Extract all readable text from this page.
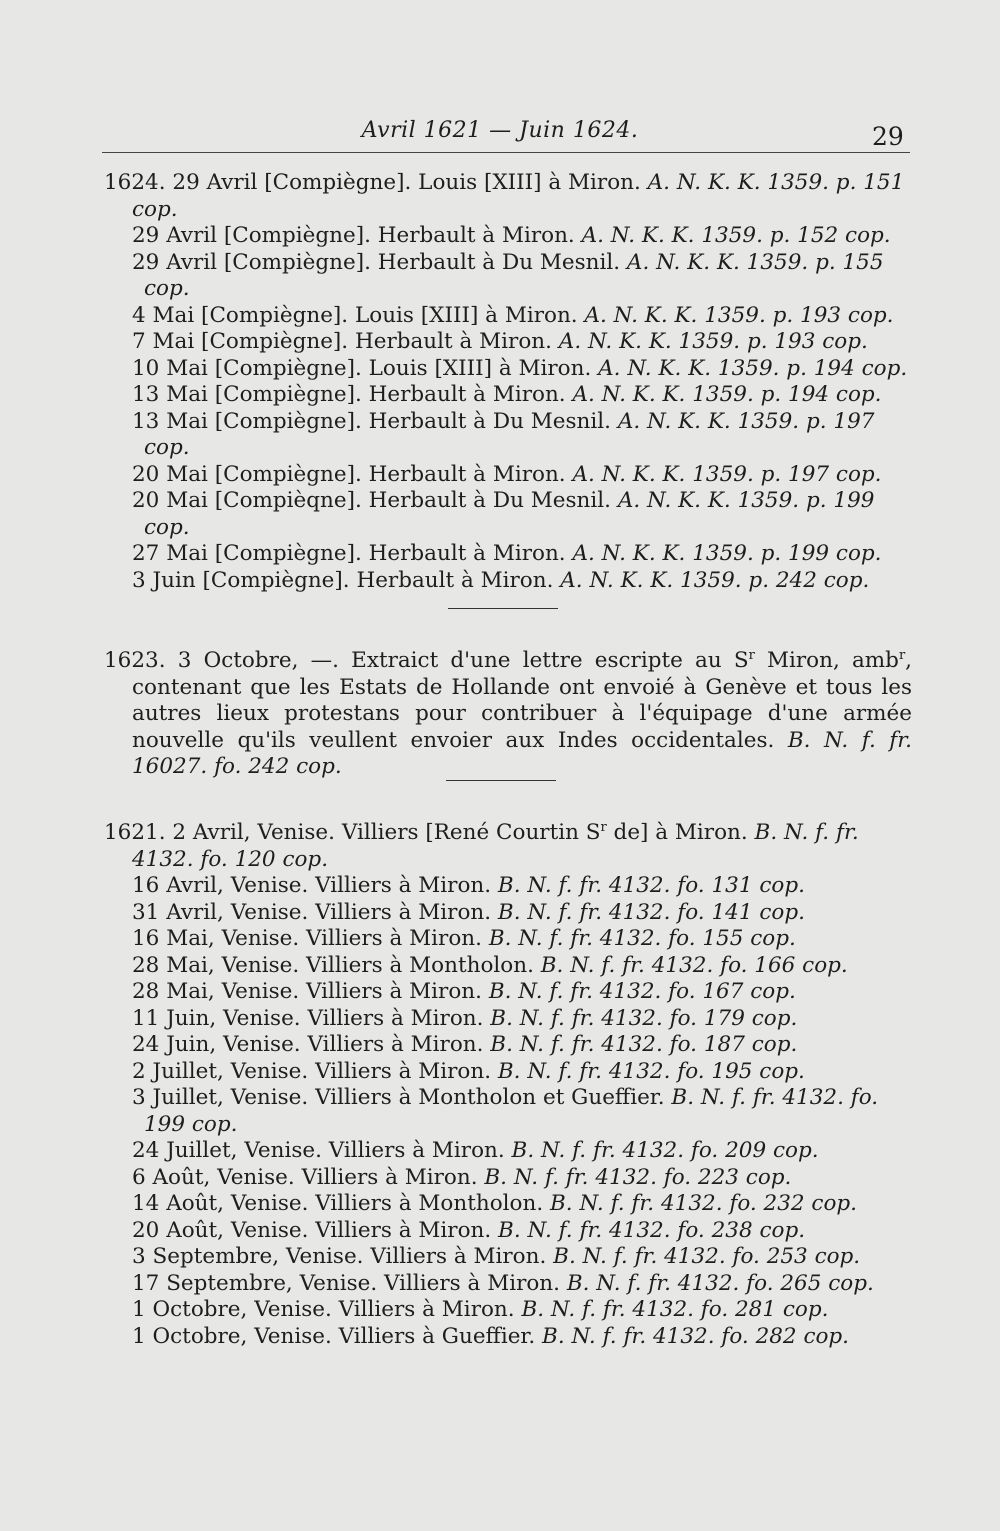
Avril 1621 — Juin 1624.	29
1624. 29 Avril [Compiègne]. Louis [XIII] à Miron. A. N. K. K. 1359. p. 151 cop.
29 Avril [Compiègne]. Herbault à Miron. A. N. K. K. 1359. p. 152 cop.
29 Avril [Compiègne]. Herbault à Du Mesnil. A. N. K. K. 1359. p. 155 cop.
4 Mai [Compiègne]. Louis [XIII] à Miron. A. N. K. K. 1359. p. 193 cop.
7 Mai [Compiègne]. Herbault à Miron. A. N. K. K. 1359. p. 193 cop.
10 Mai [Compiègne]. Louis [XIII] à Miron. A. N. K. K. 1359. p. 194 cop.
13 Mai [Compiègne]. Herbault à Miron. A. N. K. K. 1359. p. 194 cop.
13 Mai [Compiègne]. Herbault à Du Mesnil. A. N. K. K. 1359. p. 197 cop.
20 Mai [Compiègne]. Herbault à Miron. A. N. K. K. 1359. p. 197 cop.
20 Mai [Compièqne]. Herbault à Du Mesnil. A. N. K. K. 1359. p. 199 cop.
27 Mai [Compiègne]. Herbault à Miron. A. N. K. K. 1359. p. 199 cop.
3 Juin [Compiègne]. Herbault à Miron. A. N. K. K. 1359. p. 242 cop.
1623. 3 Octobre, —. Extraict d'une lettre escripte au $S^r$ Miron, amb$^r$, contenant que les Estats de Hollande ont envoié à Genève et tous les autres lieux protestans pour contribuer à l'équipage d'une armée nouvelle qu'ils veullent envoier aux Indes occidentales. B. N. f. fr. 16027. fo. 242 cop.
1621. 2 Avril, Venise. Villiers [René Courtin $S^r$ de] à Miron. B. N. f. fr. 4132. fo. 120 cop.
16 Avril, Venise. Villiers à Miron. B. N. f. fr. 4132. fo. 131 cop.
31 Avril, Venise. Villiers à Miron. B. N. f. fr. 4132. fo. 141 cop.
16 Mai, Venise. Villiers à Miron. B. N. f. fr. 4132. fo. 155 cop.
28 Mai, Venise. Villiers à Montholon. B. N. f. fr. 4132. fo. 166 cop.
28 Mai, Venise. Villiers à Miron. B. N. f. fr. 4132. fo. 167 cop.
11 Juin, Venise. Villiers à Miron. B. N. f. fr. 4132. fo. 179 cop.
24 Juin, Venise. Villiers à Miron. B. N. f. fr. 4132. fo. 187 cop.
2 Juillet, Venise. Villiers à Miron. B. N. f. fr. 4132. fo. 195 cop.
3 Juillet, Venise. Villiers à Montholon et Gueffier. B. N. f. fr. 4132. fo. 199 cop.
24 Juillet, Venise. Villiers à Miron. B. N. f. fr. 4132. fo. 209 cop.
6 Août, Venise. Villiers à Miron. B. N. f. fr. 4132. fo. 223 cop.
14 Août, Venise. Villiers à Montholon. B. N. f. fr. 4132. fo. 232 cop.
20 Août, Venise. Villiers à Miron. B. N. f. fr. 4132. fo. 238 cop.
3 Septembre, Venise. Villiers à Miron. B. N. f. fr. 4132. fo. 253 cop.
17 Septembre, Venise. Villiers à Miron. B. N. f. fr. 4132. fo. 265 cop.
1 Octobre, Venise. Villiers à Miron. B. N. f. fr. 4132. fo. 281 cop.
1 Octobre, Venise. Villiers à Gueffier. B. N. f. fr. 4132. fo. 282 cop.
